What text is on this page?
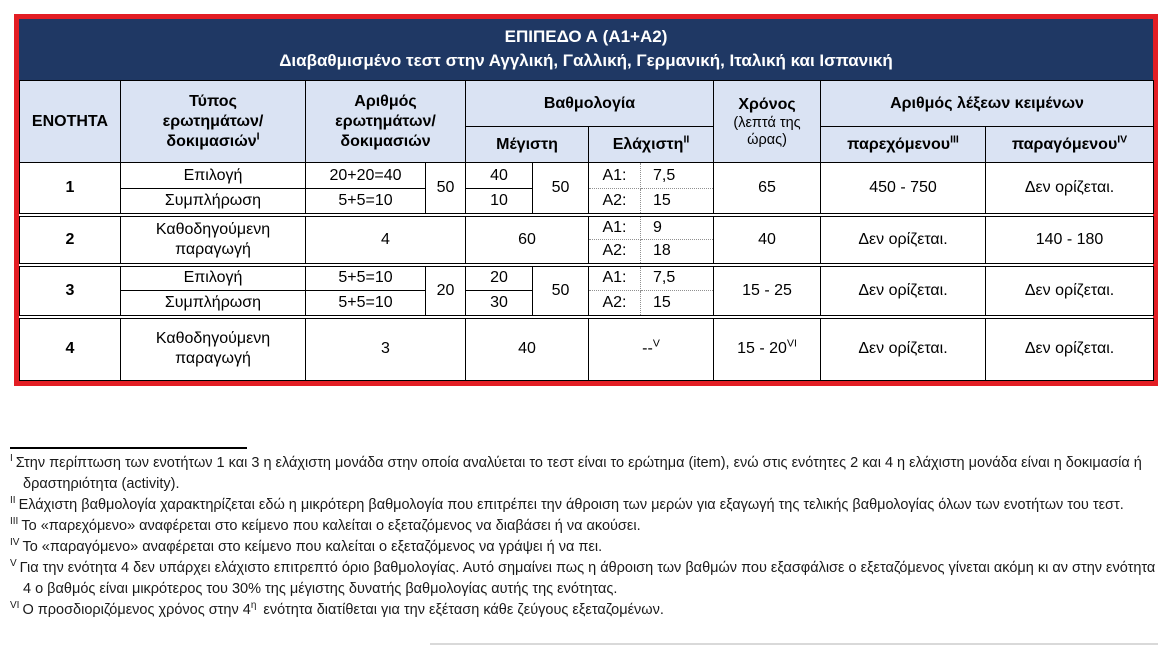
ΕΠΙΠΕΔΟ Α (Α1+Α2)
Διαβαθμισμένο τεστ στην Αγγλική, Γαλλική, Γερμανική, Ιταλική και Ισπανική
ΕΝΟΤΗΤΑ	Τύπος
ερωτημάτων/
δοκιμασιών$^I$	Αριθμός
ερωτημάτων/
δοκιμασιών		Βαθμολογία				Χρόνος
(λεπτά της
ώρας)	Αριθμός λέξεων κειμένων	
				Μέγιστη		Ελάχιστη$^{II}$			παρεχόμενου$^{III}$	παραγόμενου$^{IV}$
1	Επιλογή	20+20=40	50	40	50	Α1:	7,5	65	450 - 750	Δεν ορίζεται.
	Συμπλήρωση	5+5=10		10		Α2:	15			
2	Καθοδηγούμενη παραγωγή	4		60		Α1:	9	40	Δεν ορίζεται.	140 - 180
						Α2:	18			
3	Επιλογή	5+5=10	20	20	50	Α1:	7,5	15 - 25	Δεν ορίζεται.	Δεν ορίζεται.
	Συμπλήρωση	5+5=10		30		Α2:	15			
4	Καθοδηγούμενη παραγωγή	3		40		--$^V$		$15 - 20^{VI}$	Δεν ορίζεται.	Δεν ορίζεται.
$^I$ Στην περίπτωση των ενοτήτων 1 και 3 η ελάχιστη μονάδα στην οποία αναλύεται το τεστ είναι το ερώτημα (item), ενώ στις ενότητες 2 και 4 η ελάχιστη μονάδα είναι η δοκιμασία ή δραστηριότητα (activity).
$^{II}$ Ελάχιστη βαθμολογία χαρακτηρίζεται εδώ η μικρότερη βαθμολογία που επιτρέπει την άθροιση των μερών για εξαγωγή της τελικής βαθμολογίας όλων των ενοτήτων του τεστ.
$^{III}$ Το «παρεχόμενο» αναφέρεται στο κείμενο που καλείται ο εξεταζόμενος να διαβάσει ή να ακούσει.
$^{IV}$ Το «παραγόμενο» αναφέρεται στο κείμενο που καλείται ο εξεταζόμενος να γράψει ή να πει.
$^V$ Για την ενότητα 4 δεν υπάρχει ελάχιστο επιτρεπτό όριο βαθμολογίας. Αυτό σημαίνει πως η άθροιση των βαθμών που εξασφάλισε ο εξεταζόμενος γίνεται ακόμη κι αν στην ενότητα 4 ο βαθμός είναι μικρότερος του 30% της μέγιστης δυνατής βαθμολογίας αυτής της ενότητας.
$^{VI}$ Ο προσδιοριζόμενος χρόνος στην $4^\eta$ ενότητα διατίθεται για την εξέταση κάθε ζεύγους εξεταζομένων.
